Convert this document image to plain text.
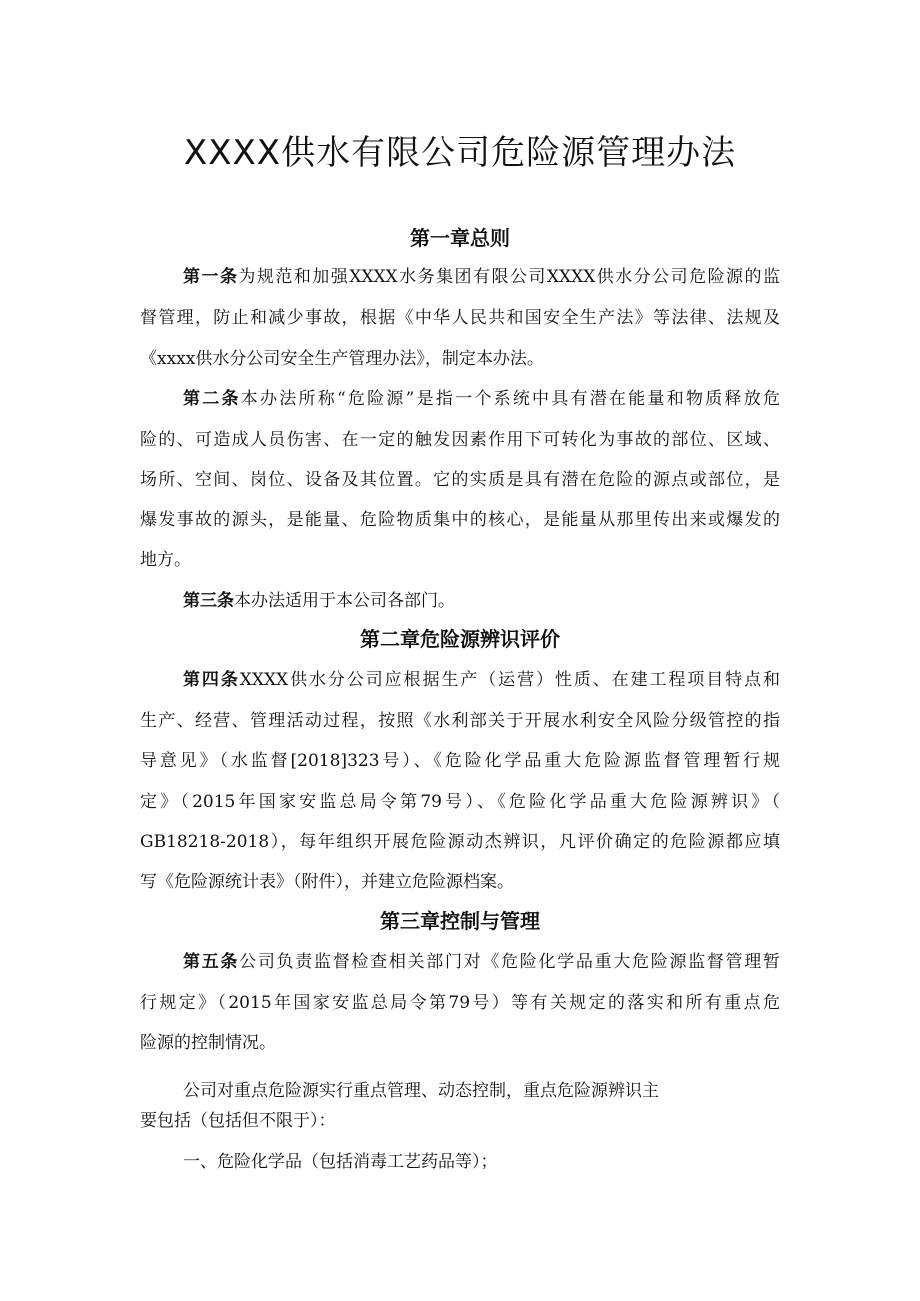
XXXX供水有限公司危险源管理办法
第一章总则
第一条为规范和加强XXXX水务集团有限公司XXXX供水分公司危险源的监
督管理，防止和减少事故，根据《中华人民共和国安全生产法》等法律、法规及
《xxxx供水分公司安全生产管理办法》，制定本办法。
第二条本办法所称“危险源”是指一个系统中具有潜在能量和物质释放危
险的、可造成人员伤害、在一定的触发因素作用下可转化为事故的部位、区域、
场所、空间、岗位、设备及其位置。它的实质是具有潜在危险的源点或部位，是
爆发事故的源头，是能量、危险物质集中的核心，是能量从那里传出来或爆发的
地方。
第三条本办法适用于本公司各部门。
第二章危险源辨识评价
第四条XXXX供水分公司应根据生产（运营）性质、在建工程项目特点和
生产、经营、管理活动过程，按照《水利部关于开展水利安全风险分级管控的指
导意见》（水监督[2018]323号）、《危险化学品重大危险源监督管理暂行规
定》（2015年国家安监总局令第79号）、《危险化学品重大危险源辨识》（
GB18218-2018），每年组织开展危险源动杰辨识，凡评价确定的危险源都应填
写《危险源统计表》（附件），并建立危险源档案。
第三章控制与管理
第五条公司负责监督检查相关部门对《危险化学品重大危险源监督管理暂
行规定》（2015年国家安监总局令第79号）等有关规定的落实和所有重点危
险源的控制情况。
公司对重点危险源实行重点管理、动态控制，重点危险源辨识主
要包括（包括但不限于）：
一、危险化学品（包括消毒工艺药品等）；
